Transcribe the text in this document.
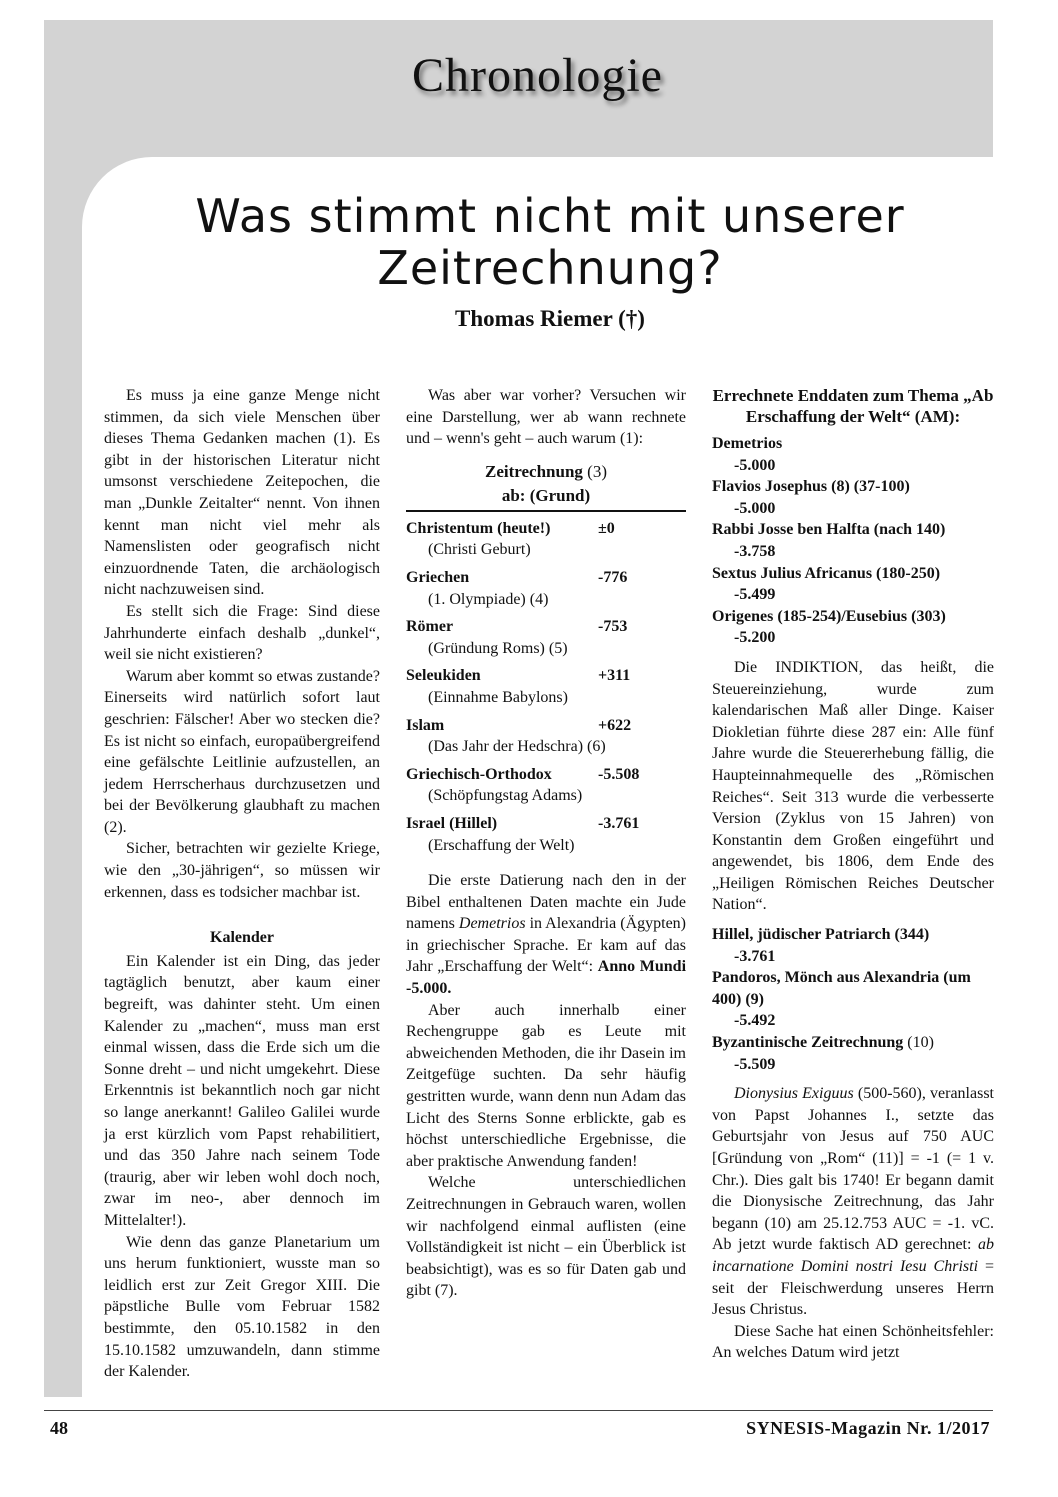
Chronologie
Was stimmt nicht mit unserer Zeitrechnung?
Thomas Riemer (†)

Es muss ja eine ganze Menge nicht stimmen, da sich viele Menschen über dieses Thema Gedanken machen (1). Es gibt in der historischen Literatur nicht umsonst verschiedene Zeitepochen, die man „Dunkle Zeitalter“ nennt. Von ihnen kennt man nicht viel mehr als Namenslisten oder geografisch nicht einzuordnende Taten, die archäologisch nicht nachzuweisen sind.

Es stellt sich die Frage: Sind diese Jahrhunderte einfach deshalb „dunkel“, weil sie nicht existieren?

Warum aber kommt so etwas zustande? Einerseits wird natürlich sofort laut geschrien: Fälscher! Aber wo stecken die? Es ist nicht so einfach, europaübergreifend eine gefälschte Leitlinie aufzustellen, an jedem Herrscherhaus durchzusetzen und bei der Bevölkerung glaubhaft zu machen (2).

Sicher, betrachten wir gezielte Kriege, wie den „30-jährigen“, so müssen wir erkennen, dass es todsicher machbar ist.

Kalender

Ein Kalender ist ein Ding, das jeder tagtäglich benutzt, aber kaum einer begreift, was dahinter steht. Um einen Kalender zu „machen“, muss man erst einmal wissen, dass die Erde sich um die Sonne dreht – und nicht umgekehrt. Diese Erkenntnis ist bekanntlich noch gar nicht so lange anerkannt! Galileo Galilei wurde ja erst kürzlich vom Papst rehabilitiert, und das 350 Jahre nach seinem Tode (traurig, aber wir leben wohl doch noch, zwar im neo-, aber dennoch im Mittelalter!).

Wie denn das ganze Planetarium um uns herum funktioniert, wusste man so leidlich erst zur Zeit Gregor XIII. Die päpstliche Bulle vom Februar 1582 bestimmte, den 05.10.1582 in den 15.10.1582 umzuwandeln, dann stimme der Kalender.

Was aber war vorher? Versuchen wir eine Darstellung, wer ab wann rechnete und – wenn's geht – auch warum (1):

Zeitrechnung (3)
ab: (Grund)
Christentum (heute!)	±0
(Christi Geburt)
Griechen	-776
(1. Olympiade) (4)
Römer	-753
(Gründung Roms) (5)
Seleukiden	+311
(Einnahme Babylons)
Islam	+622
(Das Jahr der Hedschra) (6)
Griechisch-Orthodox	-5.508
(Schöpfungstag Adams)
Israel (Hillel)	-3.761
(Erschaffung der Welt)

Die erste Datierung nach den in der Bibel enthaltenen Daten machte ein Jude namens Demetrios in Alexandria (Ägypten) in griechischer Sprache. Er kam auf das Jahr „Erschaffung der Welt“: Anno Mundi -5.000.

Aber auch innerhalb einer Rechengruppe gab es Leute mit abweichenden Methoden, die ihr Dasein im Zeitgefüge suchten. Da sehr häufig gestritten wurde, wann denn nun Adam das Licht des Sterns Sonne erblickte, gab es höchst unterschiedliche Ergebnisse, die aber praktische Anwendung fanden!

Welche unterschiedlichen Zeitrechnungen in Gebrauch waren, wollen wir nachfolgend einmal auflisten (eine Vollständigkeit ist nicht – ein Überblick ist beabsichtigt), was es so für Daten gab und gibt (7).

Errechnete Enddaten zum Thema „Ab Erschaffung der Welt“ (AM):
Demetrios
-5.000
Flavios Josephus (8) (37-100)
-5.000
Rabbi Josse ben Halfta (nach 140)
-3.758
Sextus Julius Africanus (180-250)
-5.499
Origenes (185-254)/Eusebius (303)
-5.200

Die INDIKTION, das heißt, die Steuereinziehung, wurde zum kalendarischen Maß aller Dinge. Kaiser Diokletian führte diese 287 ein: Alle fünf Jahre wurde die Steuererhebung fällig, die Haupteinnahmequelle des „Römischen Reiches“. Seit 313 wurde die verbesserte Version (Zyklus von 15 Jahren) von Konstantin dem Großen eingeführt und angewendet, bis 1806, dem Ende des „Heiligen Römischen Reiches Deutscher Nation“.

Hillel, jüdischer Patriarch (344)
-3.761
Pandoros, Mönch aus Alexandria (um 400) (9)
-5.492
Byzantinische Zeitrechnung (10)
-5.509

Dionysius Exiguus (500-560), veranlasst von Papst Johannes I., setzte das Geburtsjahr von Jesus auf 750 AUC [Gründung von „Rom“ (11)] = -1 (= 1 v. Chr.). Dies galt bis 1740! Er begann damit die Dionysische Zeitrechnung, das Jahr begann (10) am 25.12.753 AUC = -1. vC. Ab jetzt wurde faktisch AD gerechnet: ab incarnatione Domini nostri Iesu Christi = seit der Fleischwerdung unseres Herrn Jesus Christus.

Diese Sache hat einen Schönheitsfehler: An welches Datum wird jetzt

48	SYNESIS-Magazin Nr. 1/2017
